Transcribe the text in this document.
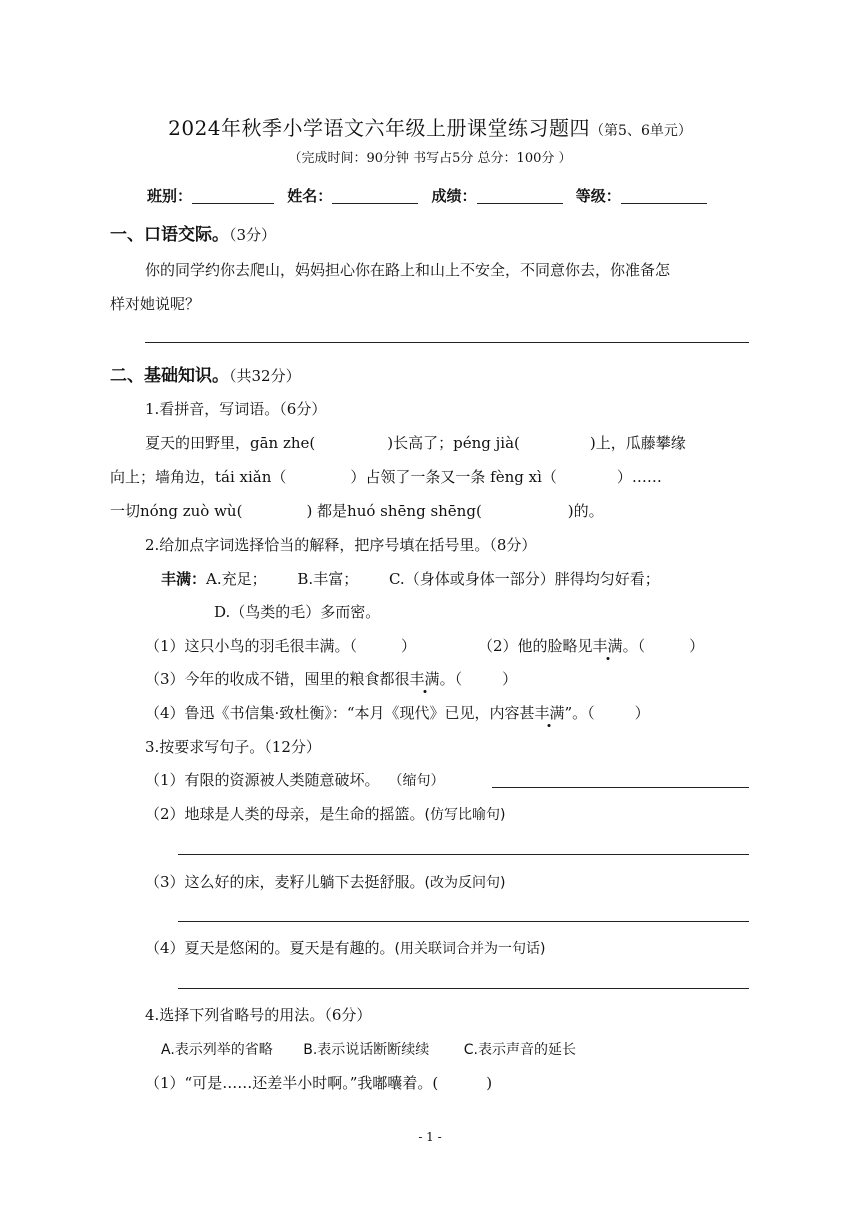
2024年秋季小学语文六年级上册课堂练习题四（第5、6单元）
（完成时间：90分钟 书写占5分 总分：100分 ）
班别：	姓名：	成绩：	等级：
一、口语交际。（3分）
你的同学约你去爬山，妈妈担心你在路上和山上不安全，不同意你去，你准备怎
样对她说呢？
二、基础知识。（共32分）
1.看拼音，写词语。（6分）
夏天的田野里，gān zhe(	)长高了；péng jià(	)上，瓜藤攀缘
向上；墙角边，tái xiǎn（	）占领了一条又一条 fèng xì（	）……
一切nóng zuò wù(	) 都是huó shēng shēng(	)的。
2.给加点字词选择恰当的解释，把序号填在括号里。（8分）
丰满：A.充足； B.丰富； C.（身体或身体一部分）胖得均匀好看；
D.（鸟类的毛）多而密。
（1）这只小鸟的羽毛很丰满。（	）	（2）他的脸略见丰满。（	）
（3）今年的收成不错，囤里的粮食都很丰满。（	）
（4）鲁迅《书信集·致杜衡》：“本月《现代》已见，内容甚丰满”。（	）
3.按要求写句子。（12分）
（1）有限的资源被人类随意破坏。 （缩句）
（2）地球是人类的母亲，是生命的摇篮。(仿写比喻句)
（3）这么好的床，麦籽儿躺下去挺舒服。(改为反问句)
（4）夏天是悠闲的。夏天是有趣的。(用关联词合并为一句话)
4.选择下列省略号的用法。（6分）
A.表示列举的省略 B.表示说话断断续续 C.表示声音的延长
（1）“可是……还差半小时啊。”我嘟囔着。(	)
- 1 -
